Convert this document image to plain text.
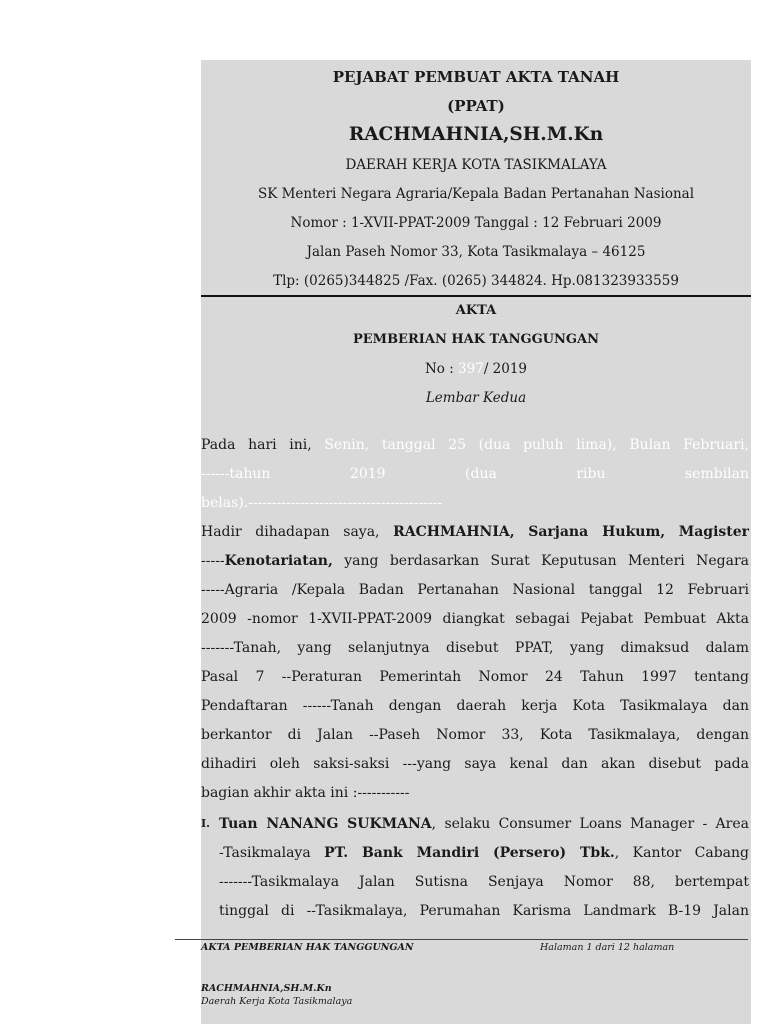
PEJABAT PEMBUAT AKTA TANAH
(PPAT)
RACHMAHNIA,SH.M.Kn
DAERAH KERJA KOTA TASIKMALAYA
SK Menteri Negara Agraria/Kepala Badan Pertanahan Nasional
Nomor : 1-XVII-PPAT-2009 Tanggal : 12 Februari 2009
Jalan Paseh Nomor 33, Kota Tasikmalaya – 46125
Tlp: (0265)344825 /Fax. (0265) 344824. Hp.081323933559
AKTA
PEMBERIAN HAK TANGGUNGAN
No : 397/ 2019
Lembar Kedua
Pada hari ini, Senin, tanggal 25 (dua puluh lima), Bulan Februari,
------tahun	2019	(dua	ribu	sembilan
belas).-----------------------------------------
Hadir dihadapan saya, RACHMAHNIA, Sarjana Hukum, Magister
-----Kenotariatan, yang berdasarkan Surat Keputusan Menteri Negara
-----Agraria /Kepala Badan Pertanahan Nasional tanggal 12 Februari
2009 -nomor 1-XVII-PPAT-2009 diangkat sebagai Pejabat Pembuat Akta
-------Tanah, yang selanjutnya disebut PPAT, yang dimaksud dalam
Pasal 7 --Peraturan Pemerintah Nomor 24 Tahun 1997 tentang
Pendaftaran ------Tanah dengan daerah kerja Kota Tasikmalaya dan
berkantor di Jalan --Paseh Nomor 33, Kota Tasikmalaya, dengan
dihadiri oleh saksi-saksi ---yang saya kenal dan akan disebut pada
bagian akhir akta ini :-----------
I. Tuan NANANG SUKMANA, selaku Consumer Loans Manager - Area
-Tasikmalaya PT. Bank Mandiri (Persero) Tbk., Kantor Cabang
-------Tasikmalaya Jalan Sutisna Senjaya Nomor 88, bertempat
tinggal di --Tasikmalaya, Perumahan Karisma Landmark B-19 Jalan
AKTA PEMBERIAN HAK TANGGUNGAN	Halaman 1 dari 12 halaman
RACHMAHNIA,SH.M.Kn
Daerah Kerja Kota Tasikmalaya
